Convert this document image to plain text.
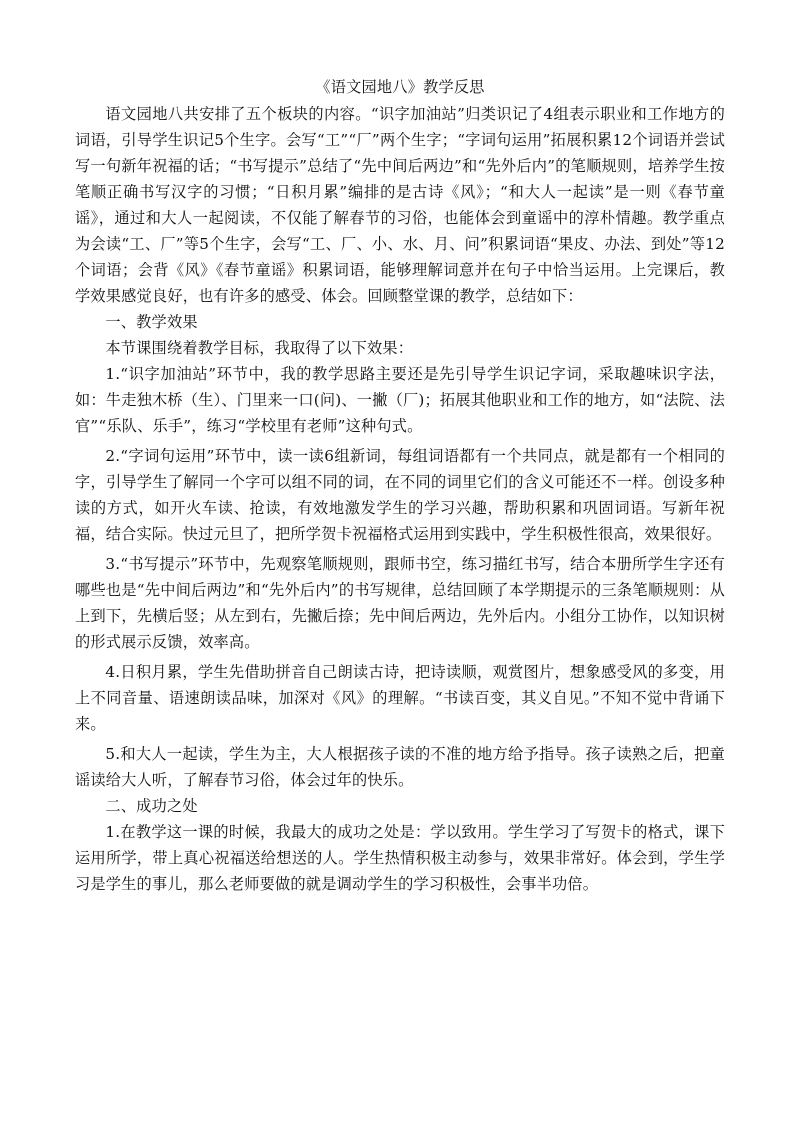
《语文园地八》教学反思

语文园地八共安排了五个板块的内容。“识字加油站”归类识记了4组表示职业和工作地方的词语，引导学生识记5个生字。会写“工”“厂”两个生字；“字词句运用”拓展积累12个词语并尝试写一句新年祝福的话；“书写提示”总结了“先中间后两边”和“先外后内”的笔顺规则，培养学生按笔顺正确书写汉字的习惯；“日积月累”编排的是古诗《风》；“和大人一起读”是一则《春节童谣》，通过和大人一起阅读，不仅能了解春节的习俗，也能体会到童谣中的淳朴情趣。教学重点为会读“工、厂”等5个生字，会写“工、厂、小、水、月、问”积累词语“果皮、办法、到处”等12个词语；会背《风》《春节童谣》积累词语，能够理解词意并在句子中恰当运用。上完课后，教学效果感觉良好，也有许多的感受、体会。回顾整堂课的教学，总结如下：

一、教学效果

本节课围绕着教学目标，我取得了以下效果：

1.“识字加油站”环节中，我的教学思路主要还是先引导学生识记字词，采取趣味识字法，如：牛走独木桥（生）、门里来一口(问)、一撇（厂)；拓展其他职业和工作的地方，如“法院、法官”“乐队、乐手”，练习“学校里有老师”这种句式。

2.“字词句运用”环节中，读一读6组新词，每组词语都有一个共同点，就是都有一个相同的字，引导学生了解同一个字可以组不同的词，在不同的词里它们的含义可能还不一样。创设多种读的方式，如开火车读、抢读，有效地激发学生的学习兴趣，帮助积累和巩固词语。写新年祝福，结合实际。快过元旦了，把所学贺卡祝福格式运用到实践中，学生积极性很高，效果很好。

3.“书写提示”环节中，先观察笔顺规则，跟师书空，练习描红书写，结合本册所学生字还有哪些也是“先中间后两边”和“先外后内”的书写规律，总结回顾了本学期提示的三条笔顺规则：从上到下，先横后竖；从左到右，先撇后捺；先中间后两边，先外后内。小组分工协作，以知识树的形式展示反馈，效率高。

4.日积月累，学生先借助拼音自己朗读古诗，把诗读顺，观赏图片，想象感受风的多变，用上不同音量、语速朗读品味，加深对《风》的理解。“书读百变，其义自见。”不知不觉中背诵下来。

5.和大人一起读，学生为主，大人根据孩子读的不准的地方给予指导。孩子读熟之后，把童谣读给大人听，了解春节习俗，体会过年的快乐。

二、成功之处

1.在教学这一课的时候，我最大的成功之处是：学以致用。学生学习了写贺卡的格式，课下运用所学，带上真心祝福送给想送的人。学生热情积极主动参与，效果非常好。体会到，学生学习是学生的事儿，那么老师要做的就是调动学生的学习积极性，会事半功倍。
